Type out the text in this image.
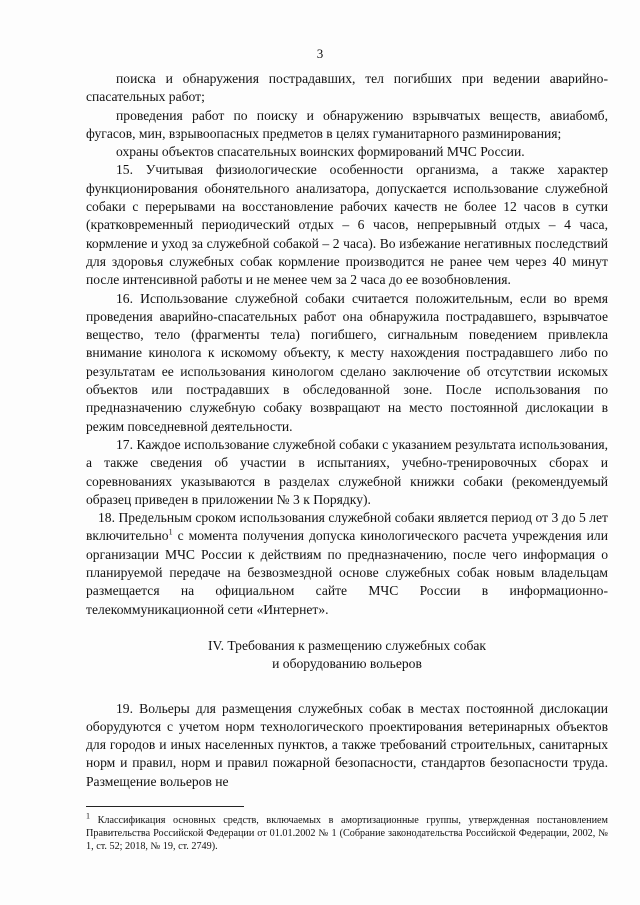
3

поиска и обнаружения пострадавших, тел погибших при ведении аварийно-спасательных работ;

проведения работ по поиску и обнаружению взрывчатых веществ, авиабомб, фугасов, мин, взрывоопасных предметов в целях гуманитарного разминирования;

охраны объектов спасательных воинских формирований МЧС России.

15. Учитывая физиологические особенности организма, а также характер функционирования обонятельного анализатора, допускается использование служебной собаки с перерывами на восстановление рабочих качеств не более 12 часов в сутки (кратковременный периодический отдых – 6 часов, непрерывный отдых – 4 часа, кормление и уход за служебной собакой – 2 часа). Во избежание негативных последствий для здоровья служебных собак кормление производится не ранее чем через 40 минут после интенсивной работы и не менее чем за 2 часа до ее возобновления.

16. Использование служебной собаки считается положительным, если во время проведения аварийно-спасательных работ она обнаружила пострадавшего, взрывчатое вещество, тело (фрагменты тела) погибшего, сигнальным поведением привлекла внимание кинолога к искомому объекту, к месту нахождения пострадавшего либо по результатам ее использования кинологом сделано заключение об отсутствии искомых объектов или пострадавших в обследованной зоне. После использования по предназначению служебную собаку возвращают на место постоянной дислокации в режим повседневной деятельности.

17. Каждое использование служебной собаки с указанием результата использования, а также сведения об участии в испытаниях, учебно-тренировочных сборах и соревнованиях указываются в разделах служебной книжки собаки (рекомендуемый образец приведен в приложении № 3 к Порядку).

18. Предельным сроком использования служебной собаки является период от 3 до 5 лет включительно$^1$ с момента получения допуска кинологического расчета учреждения или организации МЧС России к действиям по предназначению, после чего информация о планируемой передаче на безвозмездной основе служебных собак новым владельцам размещается на официальном сайте МЧС России в информационно-телекоммуникационной сети «Интернет».

IV. Требования к размещению служебных собак
и оборудованию вольеров

19. Вольеры для размещения служебных собак в местах постоянной дислокации оборудуются с учетом норм технологического проектирования ветеринарных объектов для городов и иных населенных пунктов, а также требований строительных, санитарных норм и правил, норм и правил пожарной безопасности, стандартов безопасности труда. Размещение вольеров не

$^1$ Классификация основных средств, включаемых в амортизационные группы, утвержденная постановлением Правительства Российской Федерации от 01.01.2002 № 1 (Собрание законодательства Российской Федерации, 2002, № 1, ст. 52; 2018, № 19, ст. 2749).
